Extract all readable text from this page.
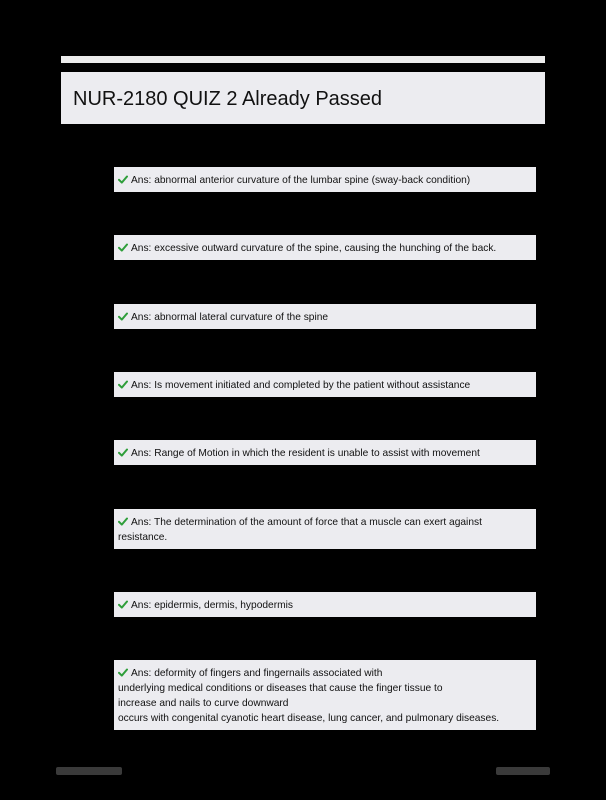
NUR-2180 QUIZ 2 Already Passed
Ans: abnormal anterior curvature of the lumbar spine (sway-back condition)
Ans: excessive outward curvature of the spine, causing the hunching of the back.
Ans: abnormal lateral curvature of the spine
Ans: Is movement initiated and completed by the patient without assistance
Ans: Range of Motion in which the resident is unable to assist with movement
Ans: The determination of the amount of force that a muscle can exert against
resistance.
Ans: epidermis, dermis, hypodermis
Ans: deformity of fingers and fingernails associated with
underlying medical conditions or diseases that cause the finger tissue to
increase and nails to curve downward
occurs with congenital cyanotic heart disease, lung cancer, and pulmonary diseases.
